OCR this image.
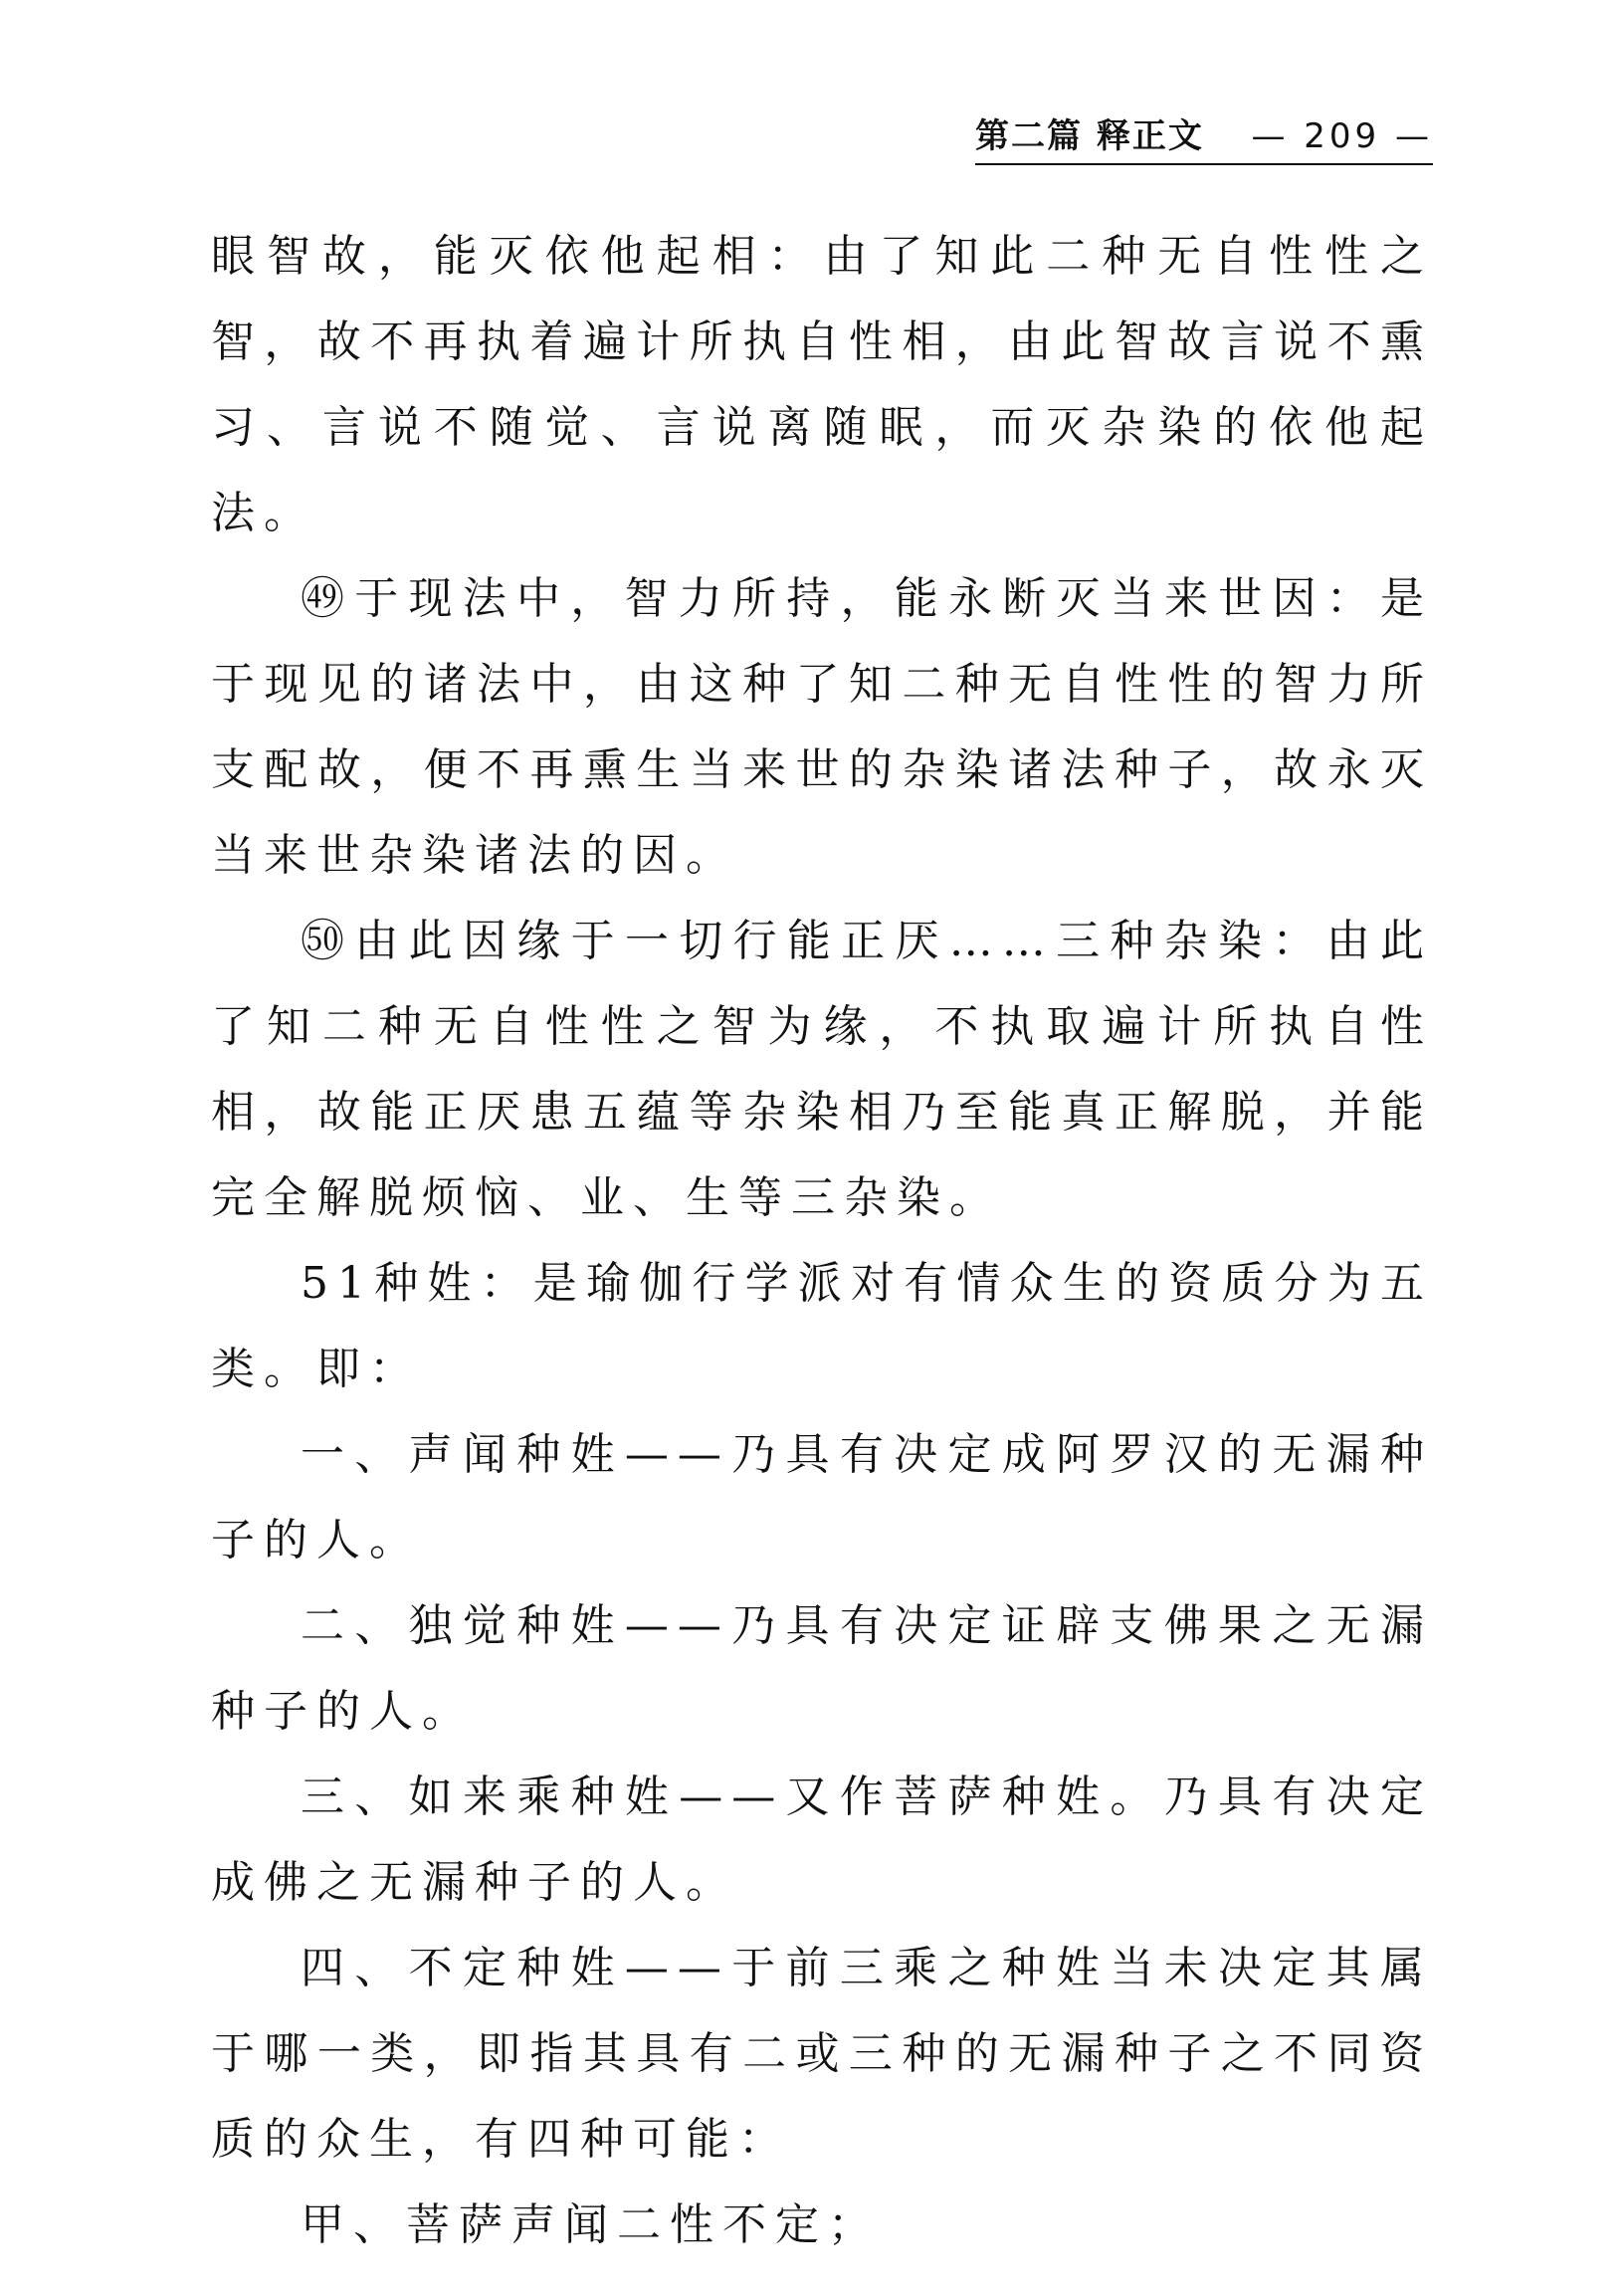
第二篇 释正文 — 209 —

眼智故，能灭依他起相：由了知此二种无自性性之智，故不再执着遍计所执自性相，由此智故言说不熏习、言说不随觉、言说离随眠，而灭杂染的依他起法。

㊾于现法中，智力所持，能永断灭当来世因：是于现见的诸法中，由这种了知二种无自性性的智力所支配故，便不再熏生当来世的杂染诸法种子，故永灭当来世杂染诸法的因。

㊿由此因缘于一切行能正厌……三种杂染：由此了知二种无自性性之智为缘，不执取遍计所执自性相，故能正厌患五蕴等杂染相乃至能真正解脱，并能完全解脱烦恼、业、生等三杂染。

51种姓：是瑜伽行学派对有情众生的资质分为五类。即：

一、声闻种姓——乃具有决定成阿罗汉的无漏种子的人。

二、独觉种姓——乃具有决定证辟支佛果之无漏种子的人。

三、如来乘种姓——又作菩萨种姓。乃具有决定成佛之无漏种子的人。

四、不定种姓——于前三乘之种姓当未决定其属于哪一类，即指其具有二或三种的无漏种子之不同资质的众生，有四种可能：

甲、菩萨声闻二性不定；
